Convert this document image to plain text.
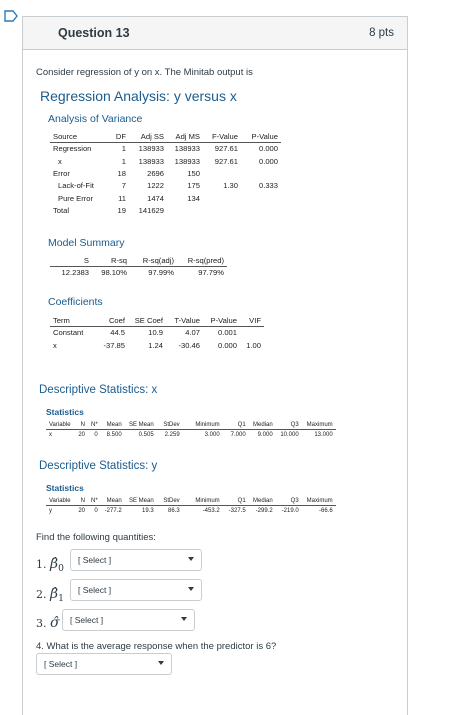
Question 13	8 pts
Consider regression of y on x. The Minitab output is
Regression Analysis: y versus x
Analysis of Variance
Source	DF	Adj SS	Adj MS	F-Value	P-Value
Regression	1	138933	138933	927.61	0.000
x	1	138933	138933	927.61	0.000
Error	18	2696	150		
Lack-of-Fit	7	1222	175	1.30	0.333
Pure Error	11	1474	134		
Total	19	141629			
Model Summary
S	R-sq	R-sq(adj)	R-sq(pred)
12.2383	98.10%	97.99%	97.79%
Coefficients
Term	Coef	SE Coef	T-Value	P-Value	VIF
Constant	44.5	10.9	4.07	0.001	
x	-37.85	1.24	-30.46	0.000	1.00
Descriptive Statistics: x
Statistics
Variable	N	N*	Mean	SE Mean	StDev	Minimum	Q1	Median	Q3	Maximum
x	20	0	8.500	0.505	2.259	3.000	7.000	9.000	10.000	13.000
Descriptive Statistics: y
Statistics
Variable	N	N*	Mean	SE Mean	StDev	Minimum	Q1	Median	Q3	Maximum
y	20	0	-277.2	19.3	86.3	-453.2	-327.5	-299.2	-219.0	-66.6
Find the following quantities:
1. $\betâ_0$
[ Select ]
2. $\betâ_1$
[ Select ]
3. σ̂ [ Select ]
4. What is the average response when the predictor is 6?
[ Select ]
